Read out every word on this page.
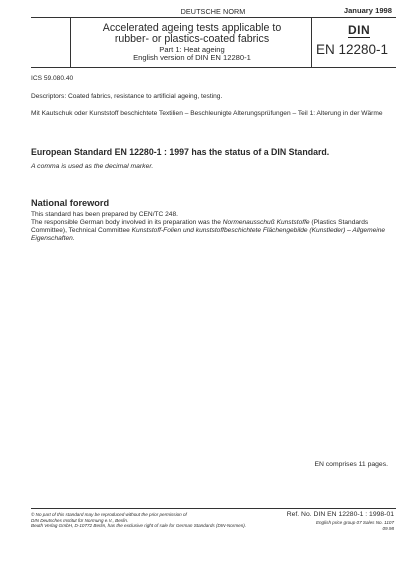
DEUTSCHE NORM	January 1998
Accelerated ageing tests applicable to
rubber- or plastics-coated fabrics
Part 1: Heat ageing
English version of DIN EN 12280-1
DIN
EN 12280-1
ICS 59.080.40
Descriptors: Coated fabrics, resistance to artificial ageing, testing.
Mit Kautschuk oder Kunststoff beschichtete Textilien – Beschleunigte Alterungsprüfungen – Teil 1: Alterung in der Wärme
European Standard EN 12280-1 : 1997 has the status of a DIN Standard.
A comma is used as the decimal marker.
National foreword
This standard has been prepared by CEN/TC 248.
The responsible German body involved in its preparation was the Normenausschuß Kunststoffe (Plastics Standards Committee), Technical Committee Kunststoff-Folien und kunststoffbeschichtete Flächengebilde (Kunstleder) – Allgemeine Eigenschaften.
EN comprises 11 pages.
© No part of this standard may be reproduced without the prior permission of
DIN Deutsches Institut für Normung e.V., Berlin.
Beuth Verlag GmbH, D-10772 Berlin, has the exclusive right of sale for German Standards (DIN-Normen).
Ref. No. DIN EN 12280-1 : 1998-01
English price group 07 Sales No. 1107
09.98
